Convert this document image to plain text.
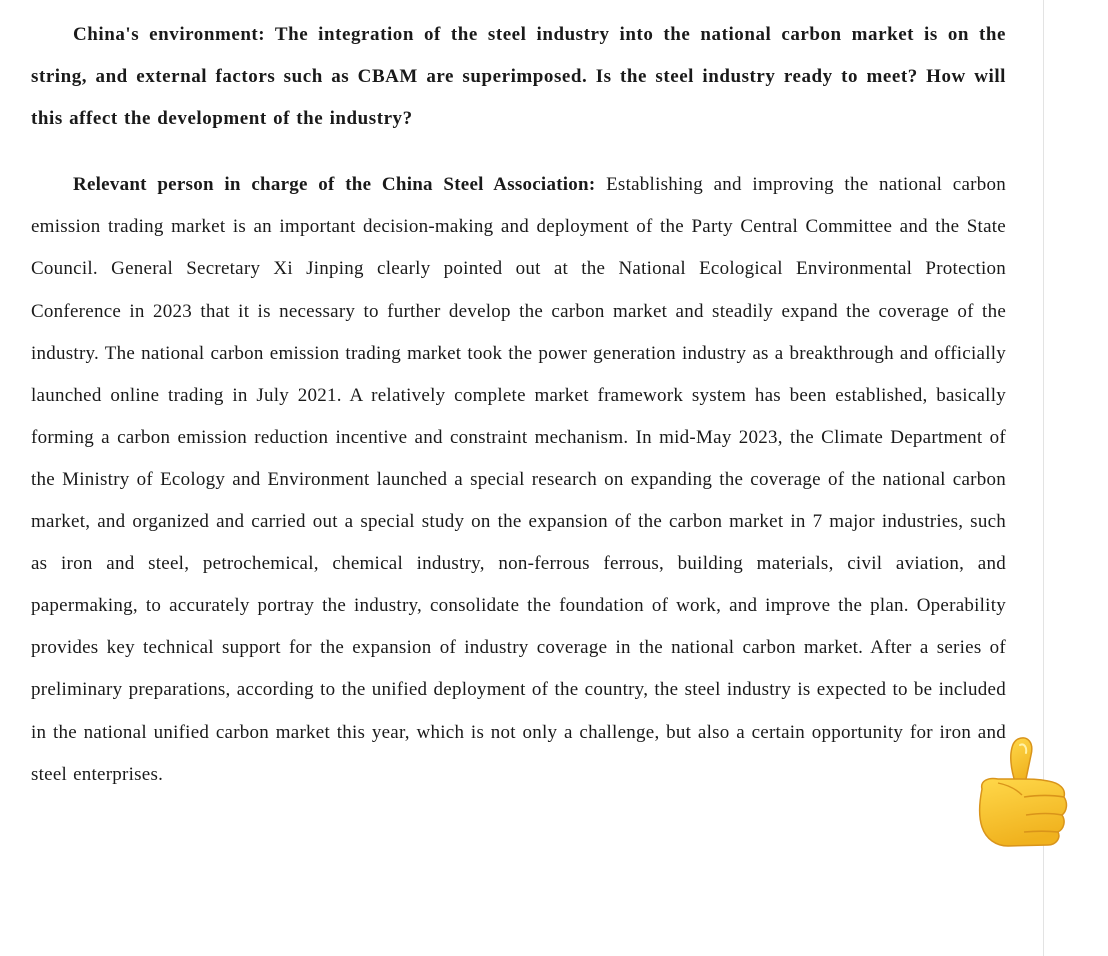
China's environment: The integration of the steel industry into the national carbon market is on the string, and external factors such as CBAM are superimposed. Is the steel industry ready to meet? How will this affect the development of the industry?

Relevant person in charge of the China Steel Association: Establishing and improving the national carbon emission trading market is an important decision-making and deployment of the Party Central Committee and the State Council. General Secretary Xi Jinping clearly pointed out at the National Ecological Environmental Protection Conference in 2023 that it is necessary to further develop the carbon market and steadily expand the coverage of the industry. The national carbon emission trading market took the power generation industry as a breakthrough and officially launched online trading in July 2021. A relatively complete market framework system has been established, basically forming a carbon emission reduction incentive and constraint mechanism. In mid-May 2023, the Climate Department of the Ministry of Ecology and Environment launched a special research on expanding the coverage of the national carbon market, and organized and carried out a special study on the expansion of the carbon market in 7 major industries, such as iron and steel, petrochemical, chemical industry, non-ferrous ferrous, building materials, civil aviation, and papermaking, to accurately portray the industry, consolidate the foundation of work, and improve the plan. Operability provides key technical support for the expansion of industry coverage in the national carbon market. After a series of preliminary preparations, according to the unified deployment of the country, the steel industry is expected to be included in the national unified carbon market this year, which is not only a challenge, but also a certain opportunity for iron and steel enterprises.
